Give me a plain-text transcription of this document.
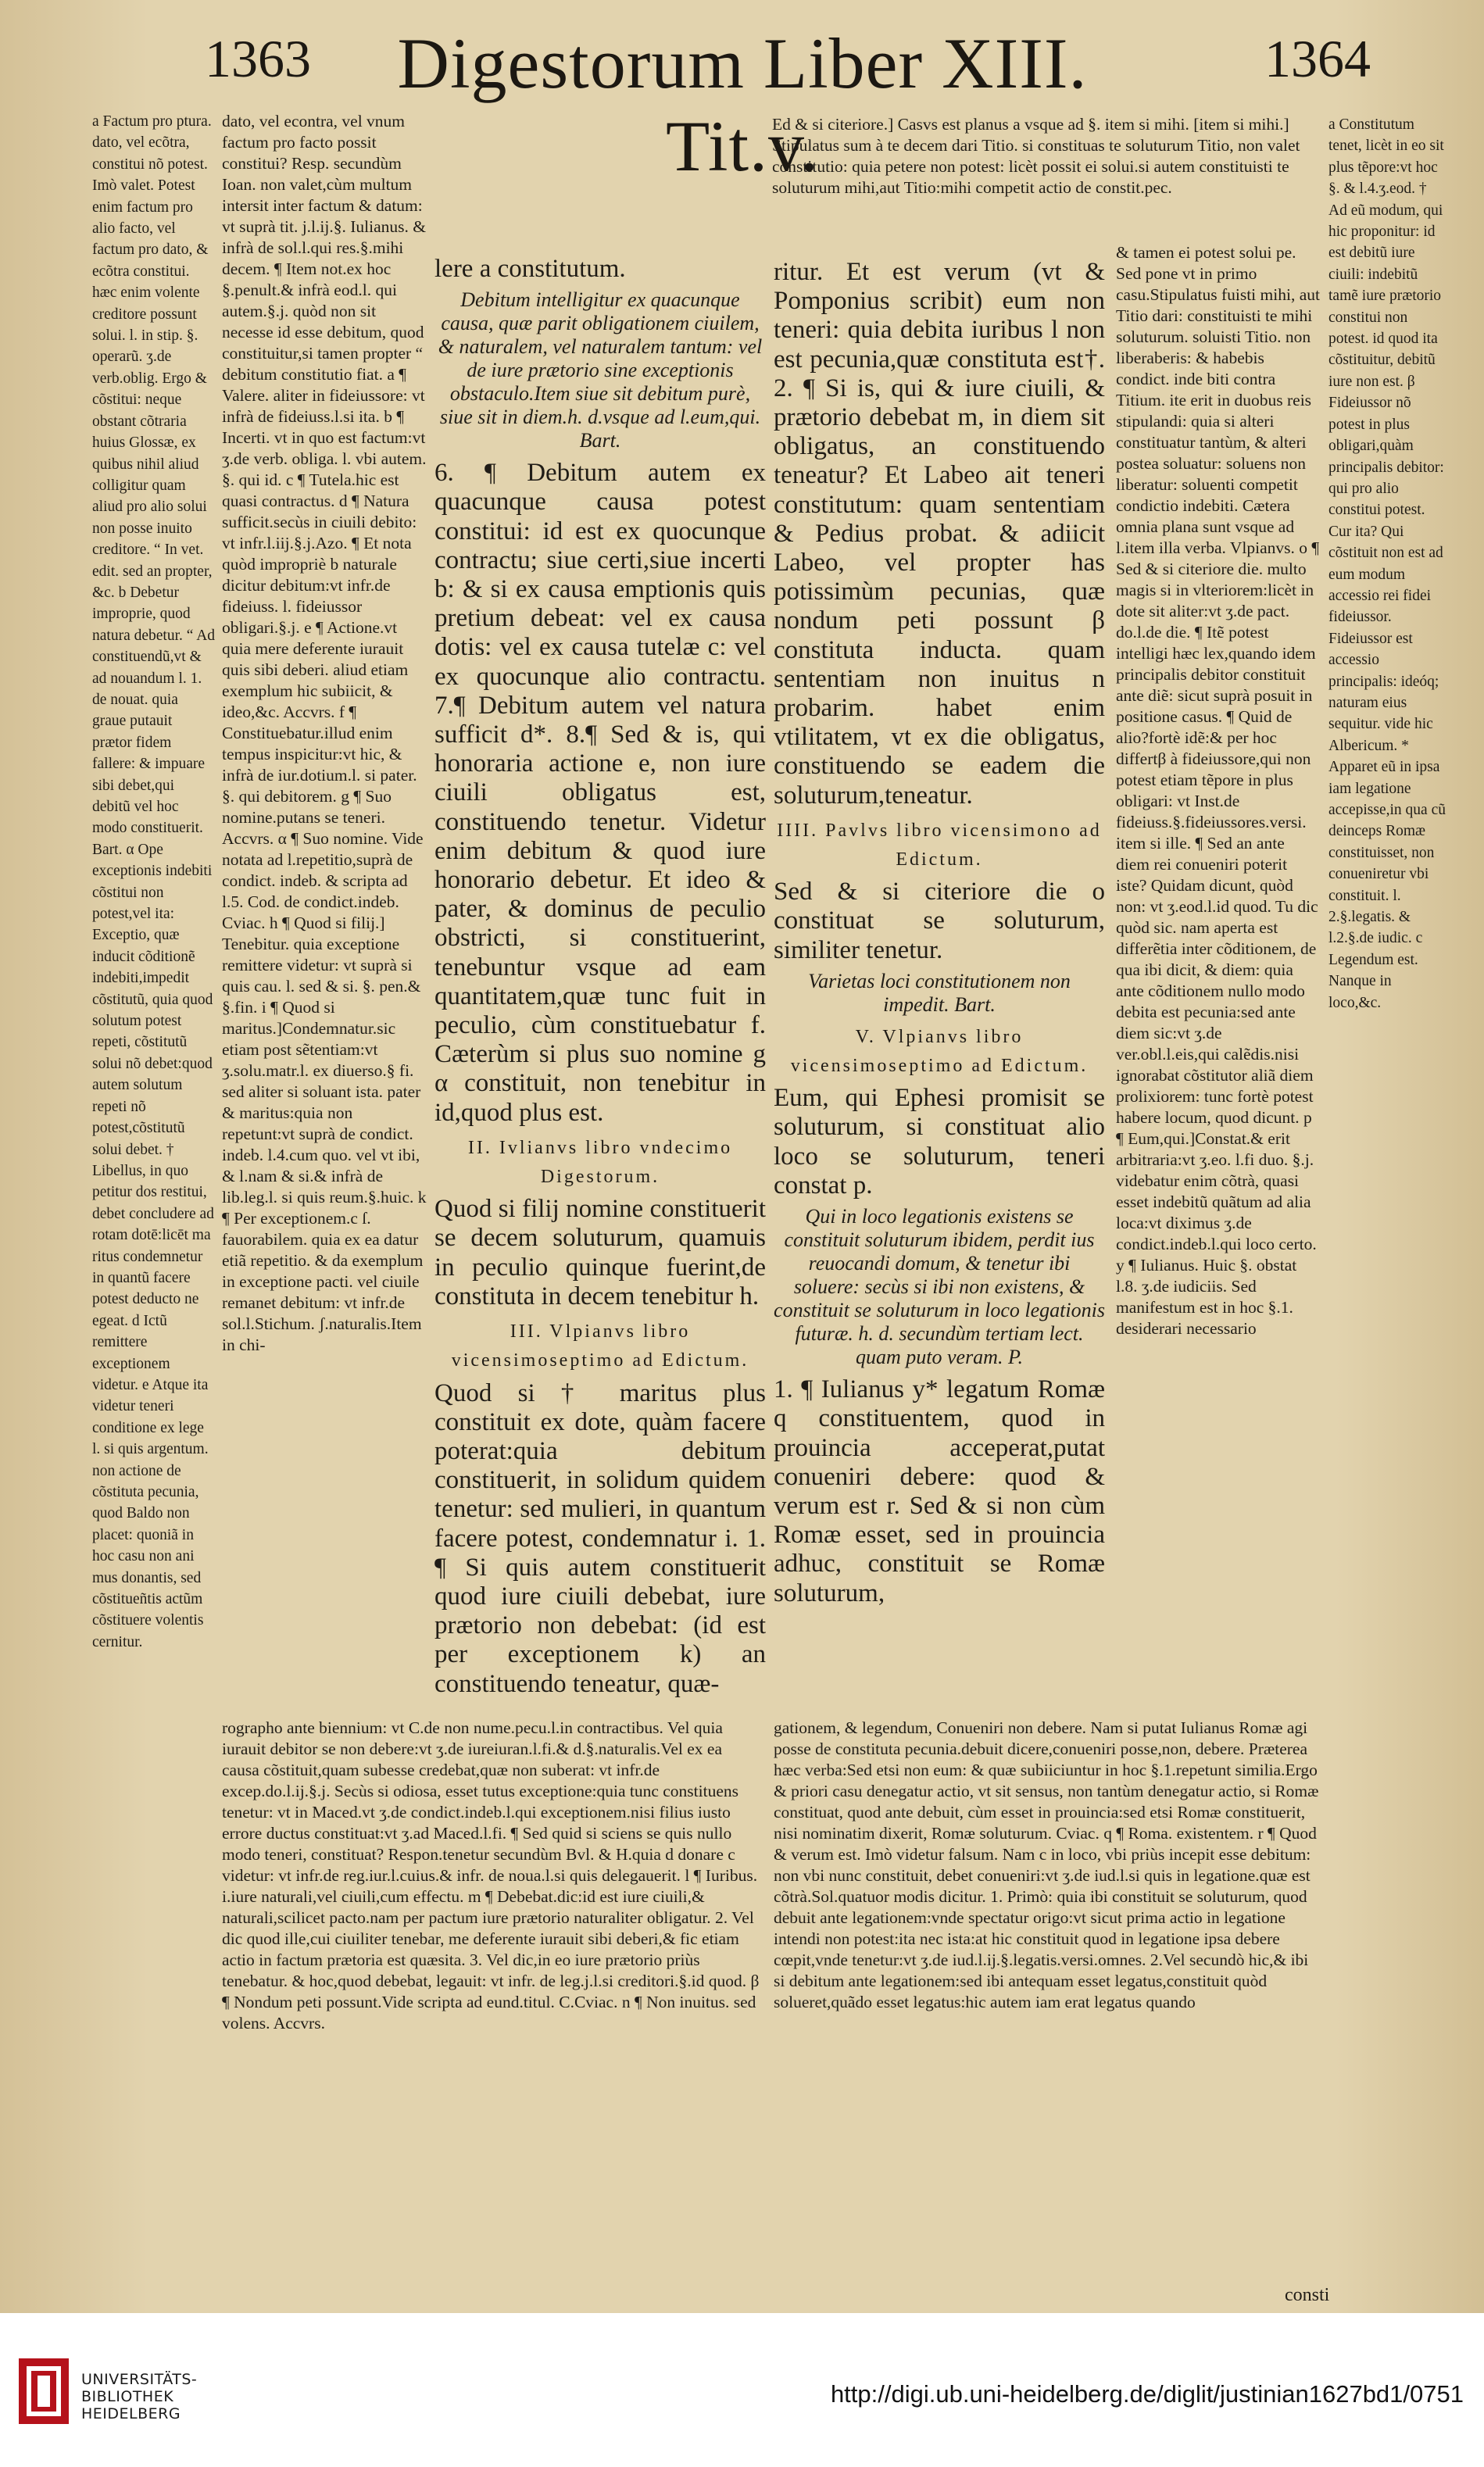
1363 Digestorum Liber XIII. Tit.v.
1364

a Factum pro ptura. dato, vel ecõtra, constitui nõ potest. Imò valet. Potest enim factum pro alio facto, vel factum pro dato, & ecõtra constitui. hæc enim volente creditore possunt solui. l. in stip. §. operarũ. ʒ.de verb.oblig. Ergo & cõstitui: neque obstant cõtraria huius Glossæ, ex quibus nihil aliud colligitur quam aliud pro alio solui non posse inuito creditore. “ In vet. edit. sed an propter, &c. b Debetur improprie, quod natura debetur. “ Ad constituendũ,vt & ad nouandum l. 1. de nouat. quia graue putauit prætor fidem fallere: & impuare sibi debet,qui debitũ vel hoc modo constituerit. Bart. α Ope exceptionis indebiti cõstitui non potest,vel ita: Exceptio, quæ inducit cõditionẽ indebiti,impedit cõstitutũ, quia quod solutum potest repeti, cõstitutũ solui nõ debet:quod autem solutum repeti nõ potest,cõstitutũ solui debet. † Libellus, in quo petitur dos restitui, debet concludere ad rotam dotē:licēt ma ritus condemnetur in quantũ facere potest deducto ne egeat. d Ictũ remittere exceptionem videtur. e Atque ita videtur teneri conditione ex lege l. si quis argentum. non actione de cõstituta pecunia, quod Baldo non placet: quoniã in hoc casu non ani mus donantis, sed cõstitueñtis actũm cõstituere volentis cernitur.

dato, vel econtra, vel vnum factum pro facto possit constitui? Resp. secundùm Ioan. non valet,cùm multum intersit inter factum & datum: vt suprà tit. j.l.ij.§. Iulianus. & infrà de sol.l.qui res.§.mihi decem. ¶ Item not.ex hoc §.penult.& infrà eod.l. qui autem.§.j. quòd non sit necesse id esse debitum, quod constituitur,si tamen propter “ debitum constitutio fiat. a ¶ Valere. aliter in fideiussore: vt infrà de fideiuss.l.si ita. b ¶ Incerti. vt in quo est factum:vt ʒ.de verb. obliga. l. vbi autem. §. qui id. c ¶ Tutela.hic est quasi contractus. d ¶ Natura sufficit.secùs in ciuili debito: vt infr.l.iij.§.j.Azo. ¶ Et nota quòd impropriè b naturale dicitur debitum:vt infr.de fideiuss. l. fideiussor obligari.§.j. e ¶ Actione.vt quia mere deferente iurauit quis sibi deberi. aliud etiam exemplum hic subiicit, & ideo,&c. Accvrs. f ¶ Constituebatur.illud enim tempus inspicitur:vt hic, & infrà de iur.dotium.l. si pater. §. qui debitorem. g ¶ Suo nomine.putans se teneri. Accvrs. α ¶ Suo nomine. Vide notata ad l.repetitio,suprà de condict. indeb. & scripta ad l.5. Cod. de condict.indeb. Cviac. h ¶ Quod si filij.] Tenebitur. quia exceptione remittere videtur: vt suprà si quis cau. l. sed & si. §. pen.& §.fin. i ¶ Quod si maritus.]Condemnatur.sic etiam post sẽtentiam:vt ʒ.solu.matr.l. ex diuerso.§ fi. sed aliter si soluant ista. pater & maritus:quia non repetunt:vt suprà de condict. indeb. l.4.cum quo. vel vt ibi, & l.nam & si.& infrà de lib.leg.l. si quis reum.§.huic. k ¶ Per exceptionem.c ſ. fauorabilem. quia ex ea datur etiã repetitio. & da exemplum in exceptione pacti. vel ciuile remanet debitum: vt infr.de sol.l.Stichum. ʃ.naturalis.Item in chi-

lere a constitutum.

Debitum intelligitur ex quacunque causa, quæ parit obligationem ciuilem, & naturalem, vel naturalem tantum: vel de iure prætorio sine exceptionis obstaculo.Item siue sit debitum purè, siue sit in diem.h. d.vsque ad l.eum,qui. Bart.

6. ¶ Debitum autem ex quacunque causa potest constitui: id est ex quocunque contractu; siue certi,siue incerti b: & si ex causa emptionis quis pretium debeat: vel ex causa dotis: vel ex causa tutelæ c: vel ex quocunque alio contractu. 7.¶ Debitum autem vel natura sufficit d*. 8.¶ Sed & is, qui honoraria actione e, non iure ciuili obligatus est, constituendo tenetur. Videtur enim debitum & quod iure honorario debetur. Et ideo & pater, & dominus de peculio obstricti, si constituerint, tenebuntur vsque ad eam quantitatem,quæ tunc fuit in peculio, cùm constituebatur f. Cæterùm si plus suo nomine g α constituit, non tenebitur in id,quod plus est.

II. Ivlianvs libro vndecimo Digestorum.

Quod si filij nomine constituerit se decem soluturum, quamuis in peculio quinque fuerint,de constituta in decem tenebitur h.

III. Vlpianvs libro vicensimoseptimo ad Edictum.

Quod si † maritus plus constituit ex dote, quàm facere poterat:quia debitum constituerit, in solidum quidem tenetur: sed mulieri, in quantum facere potest, condemnatur i. 1. ¶ Si quis autem constituerit quod iure ciuili debebat, iure prætorio non debebat: (id est per exceptionem k) an constituendo teneatur, quæ-

Ed & si citeriore.] Casvs est planus a vsque ad §. item si mihi. [item si mihi.] Stipulatus sum à te decem dari Titio. si constituas te soluturum Titio, non valet constitutio: quia petere non potest: licèt possit ei solui.si autem constituisti te soluturum mihi,aut Titio:mihi competit actio de constit.pec.

ritur. Et est verum (vt & Pomponius scribit) eum non teneri: quia debita iuribus l non est pecunia,quæ constituta est†. 2. ¶ Si is, qui & iure ciuili, & prætorio debebat m, in diem sit obligatus, an constituendo teneatur? Et Labeo ait teneri constitutum: quam sententiam & Pedius probat. & adiicit Labeo, vel propter has potissimùm pecunias, quæ nondum peti possunt β constituta inducta. quam sententiam non inuitus n probarim. habet enim vtilitatem, vt ex die obligatus, constituendo se eadem die soluturum,teneatur.

IIII. Pavlvs libro vicensimono ad Edictum.

Sed & si citeriore die o constituat se soluturum, similiter tenetur.

Varietas loci constitutionem non impedit. Bart.

V. Vlpianvs libro vicensimoseptimo ad Edictum.

Eum, qui Ephesi promisit se soluturum, si constituat alio loco se soluturum, teneri constat p.

Qui in loco legationis existens se constituit soluturum ibidem, perdit ius reuocandi domum, & tenetur ibi soluere: secùs si ibi non existens, & constituit se soluturum in loco legationis futuræ. h. d. secundùm tertiam lect. quam puto veram. P.

1. ¶ Iulianus y* legatum Romæ q constituentem, quod in prouincia acceperat,putat conueniri debere: quod & verum est r. Sed & si non cùm Romæ esset, sed in prouincia adhuc, constituit se Romæ soluturum,

& tamen ei potest solui pe. Sed pone vt in primo casu.Stipulatus fuisti mihi, aut Titio dari: constituisti te mihi soluturum. soluisti Titio. non liberaberis: & habebis condict. inde biti contra Titium. ite erit in duobus reis stipulandi: quia si alteri constituatur tantùm, & alteri postea soluatur: soluens non liberatur: soluenti competit condictio indebiti. Cætera omnia plana sunt vsque ad l.item illa verba. Vlpianvs. o ¶ Sed & si citeriore die. multo magis si in vlteriorem:licèt in dote sit aliter:vt ʒ.de pact. do.l.de die. ¶ Itẽ potest intelligi hæc lex,quando idem principalis debitor constituit ante diẽ: sicut suprà posuit in positione casus. ¶ Quid de alio?fortè idẽ:& per hoc differtβ à fideiussore,qui non potest etiam tẽpore in plus obligari: vt Inst.de fideiuss.§.fideiussores.versi. item si ille. ¶ Sed an ante diem rei conueniri poterit iste? Quidam dicunt, quòd non: vt ʒ.eod.l.id quod. Tu dic quòd sic. nam aperta est differẽtia inter cõditionem, de qua ibi dicit, & diem: quia ante cõditionem nullo modo debita est pecunia:sed ante diem sic:vt ʒ.de ver.obl.l.eis,qui calẽdis.nisi ignorabat cõstitutor aliã diem prolixiorem: tunc fortè potest habere locum, quod dicunt. p ¶ Eum,qui.]Constat.& erit arbitraria:vt ʒ.eo. l.fi duo. §.j. videbatur enim cõtrà, quasi esset indebitũ quãtum ad alia loca:vt diximus ʒ.de condict.indeb.l.qui loco certo. y ¶ Iulianus. Huic §. obstat l.8. ʒ.de iudiciis. Sed manifestum est in hoc §.1. desiderari necessario

a Constitutum tenet, licèt in eo sit plus tẽpore:vt hoc §. & l.4.ʒ.eod. † Ad eũ modum, qui hic proponitur: id est debitũ iure ciuili: indebitũ tamẽ iure prætorio constitui non potest. id quod ita cõstituitur, debitũ iure non est. β Fideiussor nõ potest in plus obligari,quàm principalis debitor: qui pro alio constitui potest. Cur ita? Qui cõstituit non est ad eum modum accessio rei fidei fideiussor. Fideiussor est accessio principalis: ideóq; naturam eius sequitur. vide hic Albericum. * Apparet eũ in ipsa iam legatione accepisse,in qua cũ deinceps Romæ constituisset, non conueniretur vbi constituit. l. 2.§.legatis. & l.2.§.de iudic. c Legendum est. Nanque in loco,&c.

rographo ante biennium: vt C.de non nume.pecu.l.in contractibus. Vel quia iurauit debitor se non debere:vt ʒ.de iureiuran.l.fi.& d.§.naturalis.Vel ex ea causa cõstituit,quam subesse credebat,quæ non suberat: vt infr.de excep.do.l.ij.§.j. Secùs si odiosa, esset tutus exceptione:quia tunc constituens tenetur: vt in Maced.vt ʒ.de condict.indeb.l.qui exceptionem.nisi filius iusto errore ductus constituat:vt ʒ.ad Maced.l.fi. ¶ Sed quid si sciens se quis nullo modo teneri, constituat? Respon.tenetur secundùm Bvl. & H.quia d donare c videtur: vt infr.de reg.iur.l.cuius.& infr. de noua.l.si quis delegauerit. l ¶ Iuribus. i.iure naturali,vel ciuili,cum effectu. m ¶ Debebat.dic:id est iure ciuili,& naturali,scilicet pacto.nam per pactum iure prætorio naturaliter obligatur. 2. Vel dic quod ille,cui ciuiliter tenebar, me deferente iurauit sibi deberi,& fic etiam actio in factum prætoria est quæsita. 3. Vel dic,in eo iure prætorio priùs tenebatur. & hoc,quod debebat, legauit: vt infr. de leg.j.l.si creditori.§.id quod. β ¶ Nondum peti possunt.Vide scripta ad eund.titul. C.Cviac. n ¶ Non inuitus. sed volens. Accvrs.

gationem, & legendum, Conueniri non debere. Nam si putat Iulianus Romæ agi posse de constituta pecunia.debuit dicere,conueniri posse,non, debere. Præterea hæc verba:Sed etsi non eum: & quæ subiiciuntur in hoc §.1.repetunt similia.Ergo & priori casu denegatur actio, vt sit sensus, non tantùm denegatur actio, si Romæ constituat, quod ante debuit, cùm esset in prouincia:sed etsi Romæ constituerit, nisi nominatim dixerit, Romæ soluturum. Cviac. q ¶ Roma. existentem. r ¶ Quod & verum est. Imò videtur falsum. Nam c in loco, vbi priùs incepit esse debitum: non vbi nunc constituit, debet conueniri:vt ʒ.de iud.l.si quis in legatione.quæ est cõtrà.Sol.quatuor modis dicitur. 1. Primò: quia ibi constituit se soluturum, quod debuit ante legationem:vnde spectatur origo:vt sicut prima actio in legatione intendi non potest:ita nec ista:at hic constituit quod in legatione ipsa debere cœpit,vnde tenetur:vt ʒ.de iud.l.ij.§.legatis.versi.omnes. 2.Vel secundò hic,& ibi si debitum ante legationem:sed ibi antequam esset legatus,constituit quòd solueret,quãdo esset legatus:hic autem iam erat legatus quando

consti
UNIVERSITÄTS-
BIBLIOTHEK
HEIDELBERG
http://digi.ub.uni-heidelberg.de/diglit/justinian1627bd1/0751
